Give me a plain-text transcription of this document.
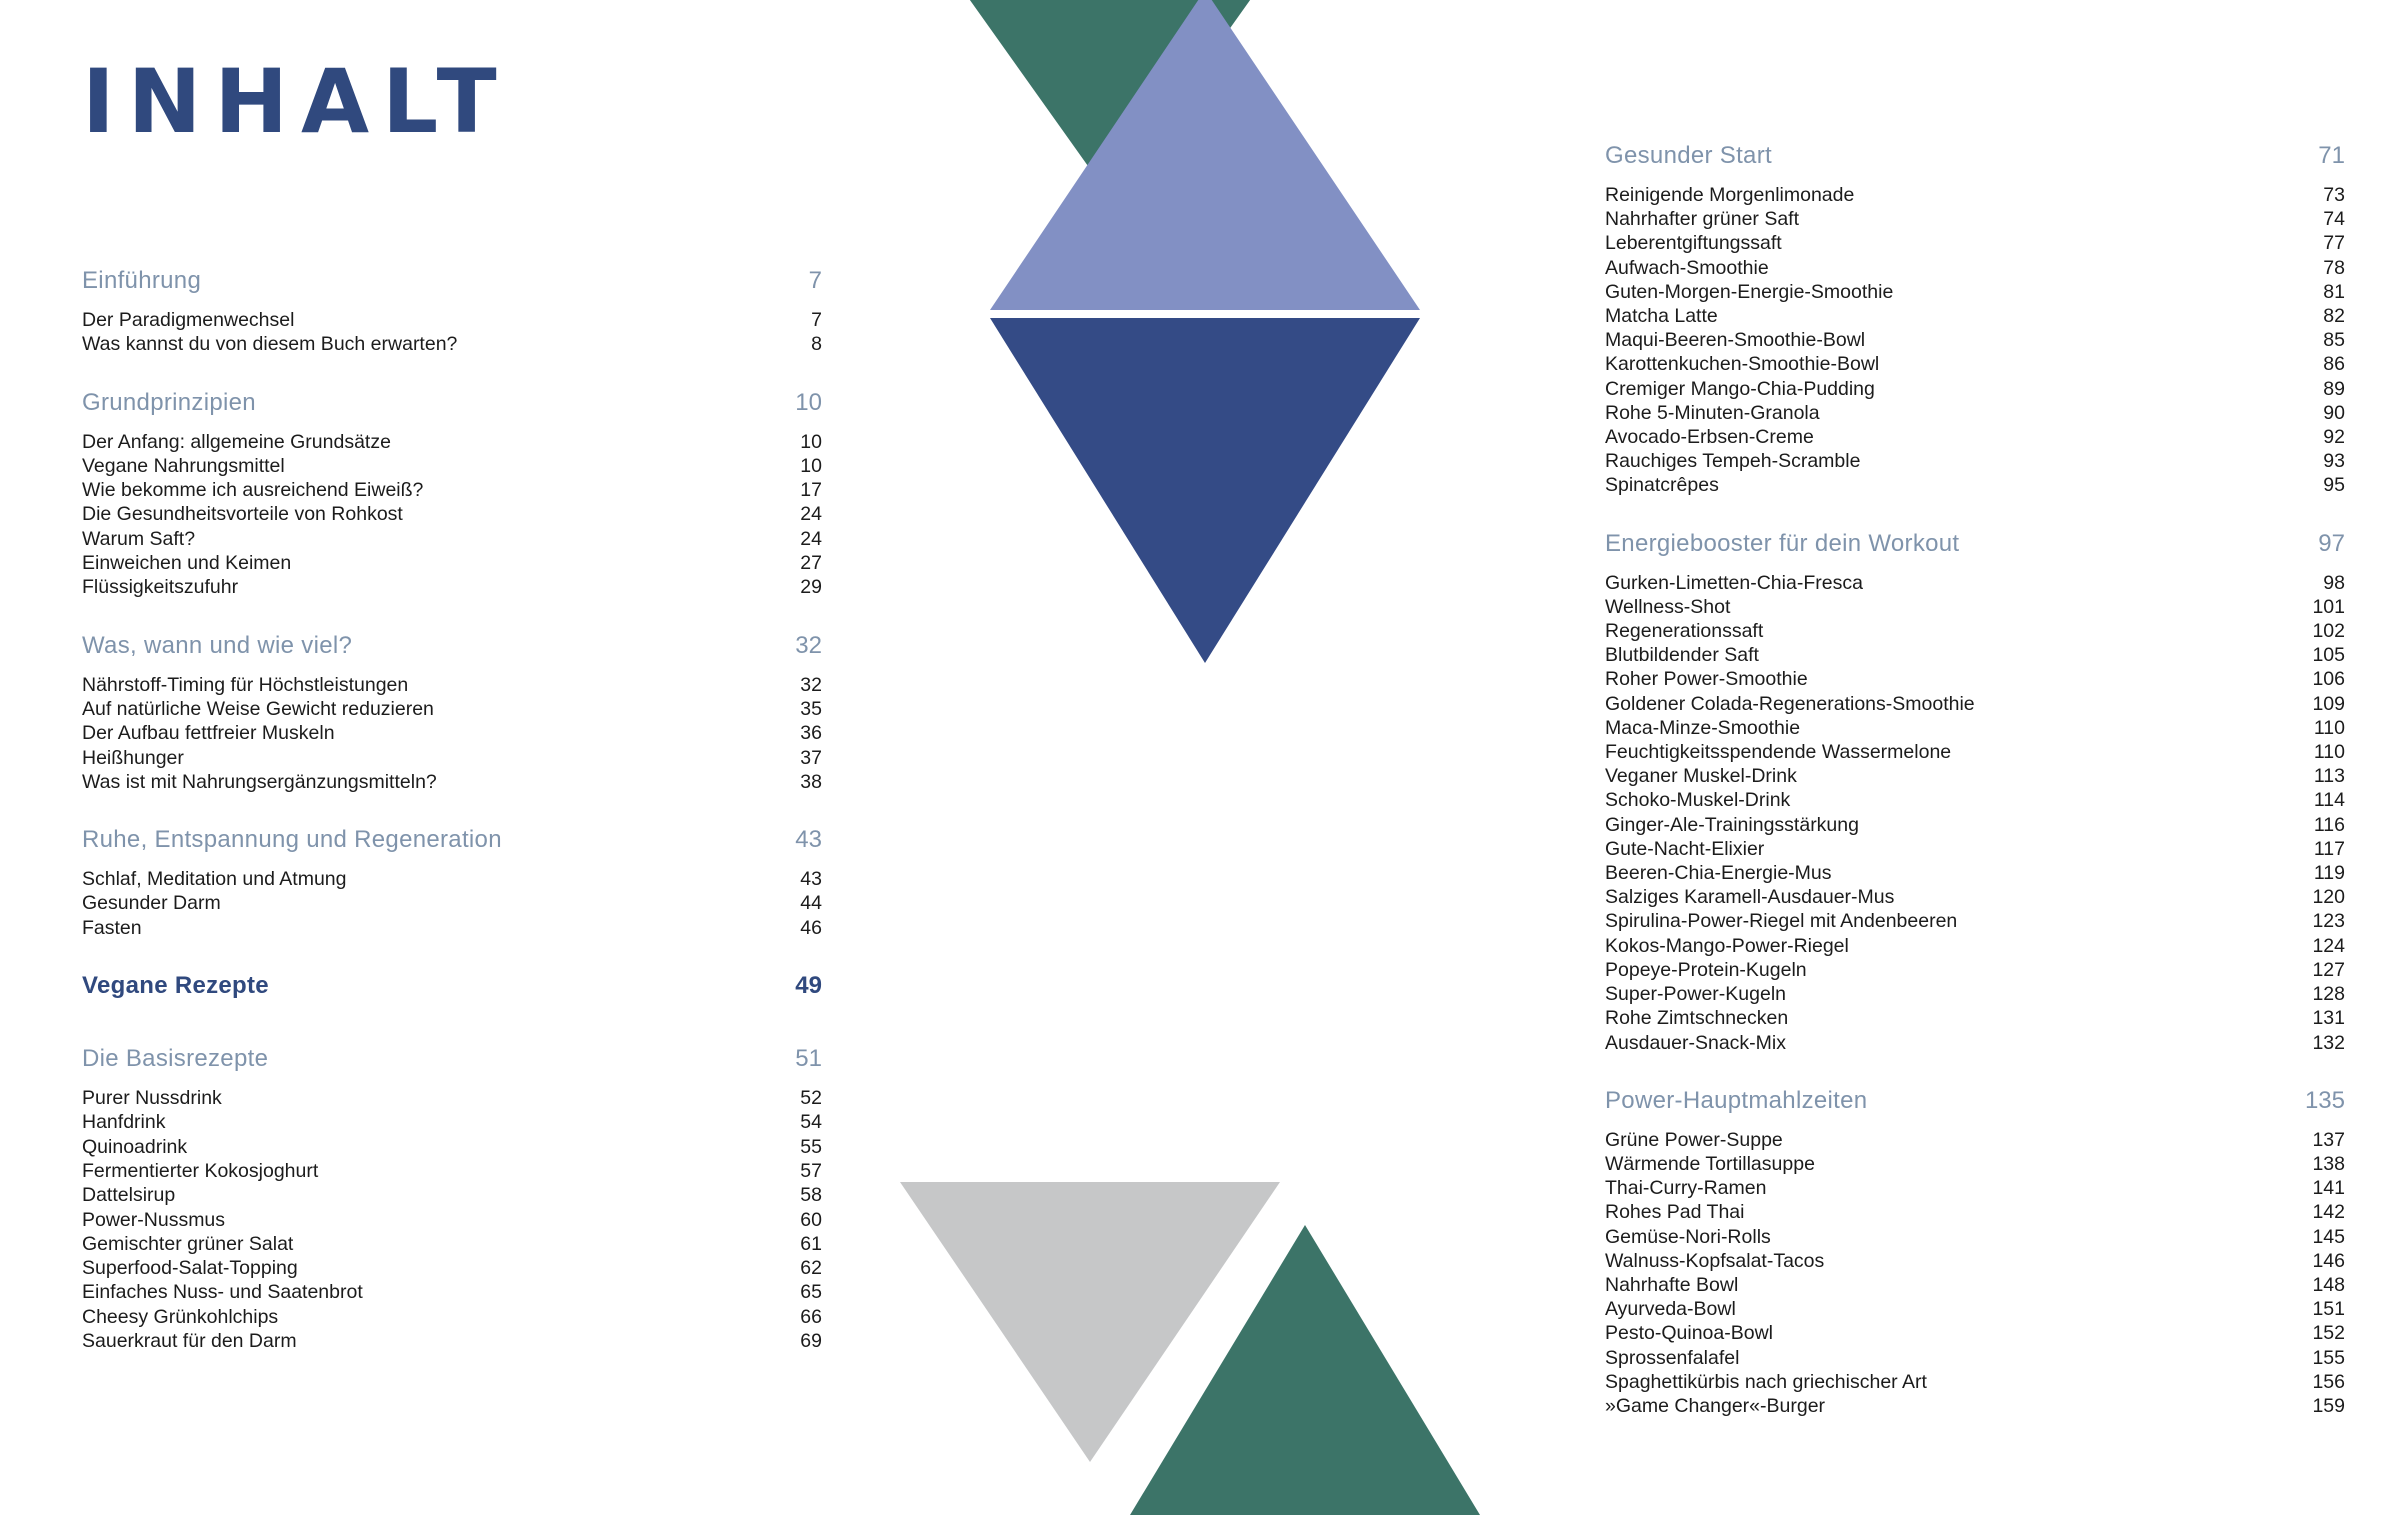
INHALT
Einführung	7
Der Paradigmenwechsel	7
Was kannst du von diesem Buch erwarten?	8
Grundprinzipien	10
Der Anfang: allgemeine Grundsätze	10
Vegane Nahrungsmittel	10
Wie bekomme ich ausreichend Eiweiß?	17
Die Gesundheitsvorteile von Rohkost	24
Warum Saft?	24
Einweichen und Keimen	27
Flüssigkeitszufuhr	29
Was, wann und wie viel?	32
Nährstoff-Timing für Höchstleistungen	32
Auf natürliche Weise Gewicht reduzieren	35
Der Aufbau fettfreier Muskeln	36
Heißhunger	37
Was ist mit Nahrungsergänzungsmitteln?	38
Ruhe, Entspannung und Regeneration	43
Schlaf, Meditation und Atmung	43
Gesunder Darm	44
Fasten	46
Vegane Rezepte	49
Die Basisrezepte	51
Purer Nussdrink	52
Hanfdrink	54
Quinoadrink	55
Fermentierter Kokosjoghurt	57
Dattelsirup	58
Power-Nussmus	60
Gemischter grüner Salat	61
Superfood-Salat-Topping	62
Einfaches Nuss- und Saatenbrot	65
Cheesy Grünkohlchips	66
Sauerkraut für den Darm	69
Gesunder Start	71
Reinigende Morgenlimonade	73
Nahrhafter grüner Saft	74
Leberentgiftungssaft	77
Aufwach-Smoothie	78
Guten-Morgen-Energie-Smoothie	81
Matcha Latte	82
Maqui-Beeren-Smoothie-Bowl	85
Karottenkuchen-Smoothie-Bowl	86
Cremiger Mango-Chia-Pudding	89
Rohe 5-Minuten-Granola	90
Avocado-Erbsen-Creme	92
Rauchiges Tempeh-Scramble	93
Spinatcrêpes	95
Energiebooster für dein Workout	97
Gurken-Limetten-Chia-Fresca	98
Wellness-Shot	101
Regenerationssaft	102
Blutbildender Saft	105
Roher Power-Smoothie	106
Goldener Colada-Regenerations-Smoothie	109
Maca-Minze-Smoothie	110
Feuchtigkeitsspendende Wassermelone	110
Veganer Muskel-Drink	113
Schoko-Muskel-Drink	114
Ginger-Ale-Trainingsstärkung	116
Gute-Nacht-Elixier	117
Beeren-Chia-Energie-Mus	119
Salziges Karamell-Ausdauer-Mus	120
Spirulina-Power-Riegel mit Andenbeeren	123
Kokos-Mango-Power-Riegel	124
Popeye-Protein-Kugeln	127
Super-Power-Kugeln	128
Rohe Zimtschnecken	131
Ausdauer-Snack-Mix	132
Power-Hauptmahlzeiten	135
Grüne Power-Suppe	137
Wärmende Tortillasuppe	138
Thai-Curry-Ramen	141
Rohes Pad Thai	142
Gemüse-Nori-Rolls	145
Walnuss-Kopfsalat-Tacos	146
Nahrhafte Bowl	148
Ayurveda-Bowl	151
Pesto-Quinoa-Bowl	152
Sprossenfalafel	155
Spaghettikürbis nach griechischer Art	156
»Game Changer«-Burger	159
